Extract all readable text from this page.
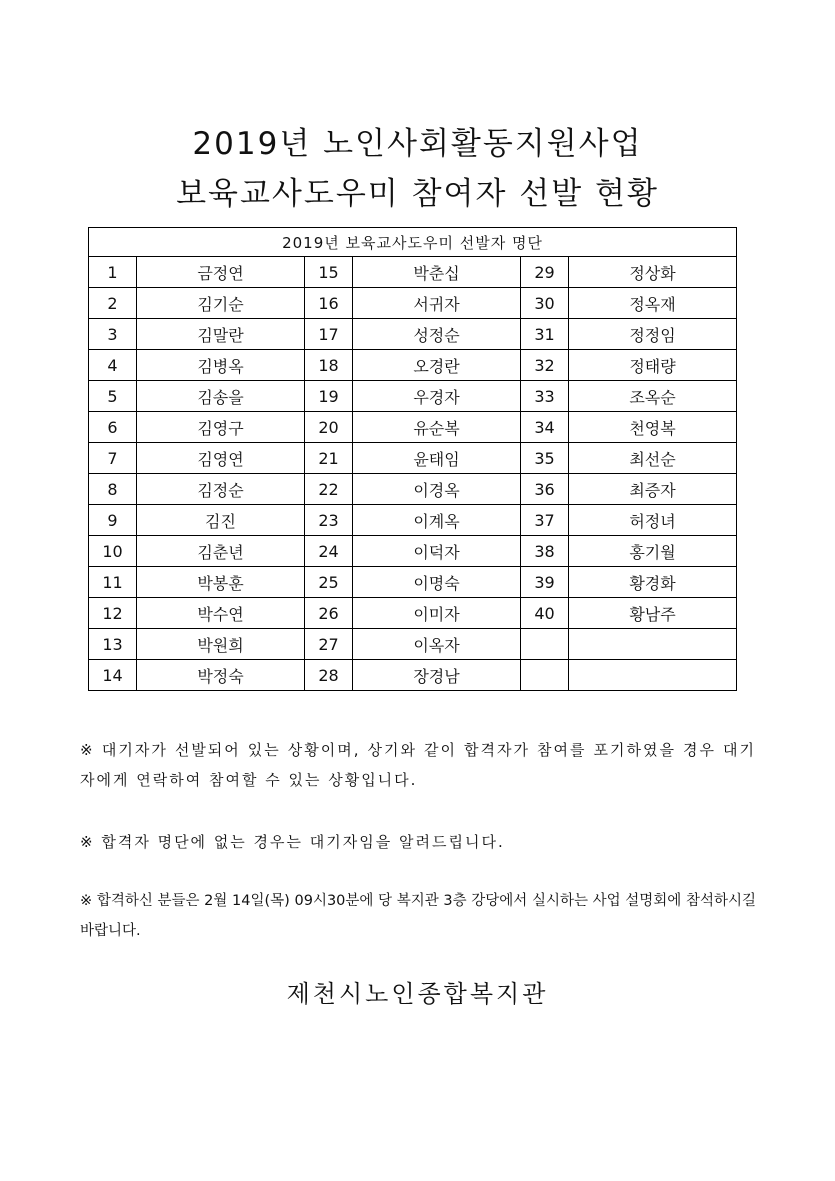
2019년 노인사회활동지원사업
보육교사도우미 참여자 선발 현황
2019년 보육교사도우미 선발자 명단					
1	금정연	15	박춘십	29	정상화
2	김기순	16	서귀자	30	정옥재
3	김말란	17	성정순	31	정정임
4	김병옥	18	오경란	32	정태량
5	김송을	19	우경자	33	조옥순
6	김영구	20	유순복	34	천영복
7	김영연	21	윤태임	35	최선순
8	김정순	22	이경옥	36	최증자
9	김진	23	이계옥	37	허정녀
10	김춘년	24	이덕자	38	홍기월
11	박봉훈	25	이명숙	39	황경화
12	박수연	26	이미자	40	황남주
13	박원희	27	이옥자		
14	박정숙	28	장경남		
※ 대기자가 선발되어 있는 상황이며, 상기와 같이 합격자가 참여를 포기하였을 경우 대기자에게 연락하여 참여할 수 있는 상황입니다.
※ 합격자 명단에 없는 경우는 대기자임을 알려드립니다.
※ 합격하신 분들은 2월 14일(목) 09시30분에 당 복지관 3층 강당에서 실시하는 사업 설명회에 참석하시길 바랍니다.
제천시노인종합복지관
